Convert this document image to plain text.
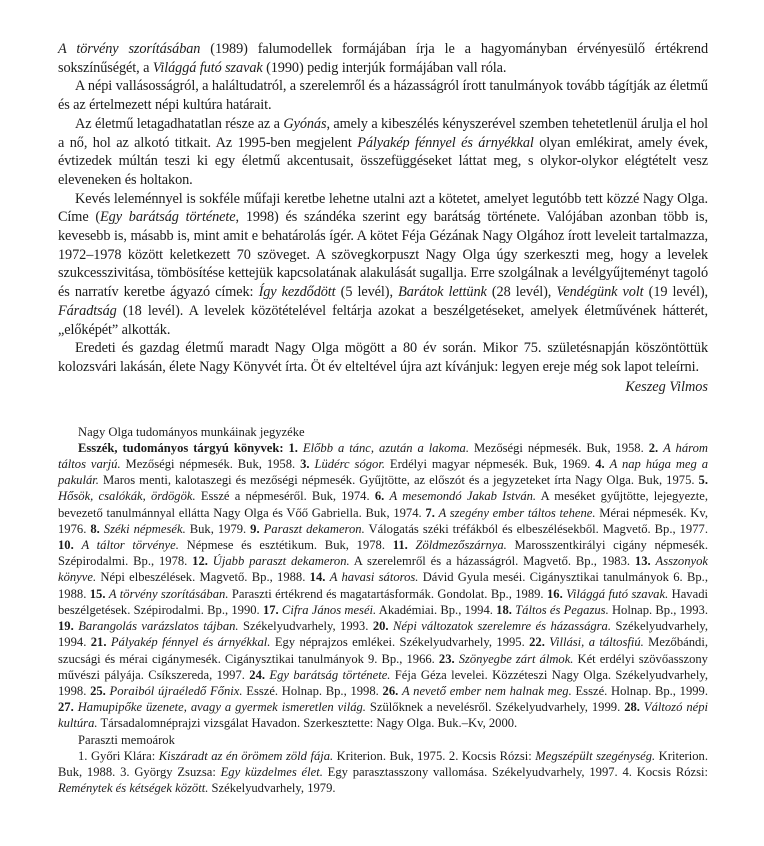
A törvény szorításában (1989) falumodellek formájában írja le a hagyományban érvényesülő értékrend sokszínűségét, a Világgá futó szavak (1990) pedig interjúk formájában vall róla.

A népi vallásosságról, a haláltudatról, a szerelemről és a házasságról írott tanulmányok tovább tágítják az életmű és az értelmezett népi kultúra határait.

Az életmű letagadhatatlan része az a Gyónás, amely a kibeszélés kényszerével szemben tehetetlenül árulja el hol a nő, hol az alkotó titkait. Az 1995-ben megjelent Pályakép fénnyel és árnyékkal olyan emlékirat, amely évek, évtizedek múltán teszi ki egy életmű akcentusait, összefüggéseket láttat meg, s olykor-olykor elégtételt vesz eleveneken és holtakon.

Kevés leleménnyel is sokféle műfaji keretbe lehetne utalni azt a kötetet, amelyet legutóbb tett közzé Nagy Olga. Címe (Egy barátság története, 1998) és szándéka szerint egy barátság története. Valójában azonban több is, kevesebb is, másabb is, mint amit e behatárolás ígér. A kötet Féja Gézának Nagy Olgához írott leveleit tartalmazza, 1972–1978 között keletkezett 70 szöveget. A szövegkorpuszt Nagy Olga úgy szerkeszti meg, hogy a levelek szukcesszivitása, tömbösítése kettejük kapcsolatának alakulását sugallja. Erre szolgálnak a levélgyűjteményt tagoló és narratív keretbe ágyazó címek: Így kezdődött (5 levél), Barátok lettünk (28 levél), Vendégünk volt (19 levél), Fáradtság (18 levél). A levelek közötételével feltárja azokat a beszélgetéseket, amelyek életművének hátterét, „előképét” alkották.

Eredeti és gazdag életmű maradt Nagy Olga mögött a 80 év során. Mikor 75. születésnapján köszöntöttük kolozsvári lakásán, élete Nagy Könyvét írta. Öt év elteltével újra azt kívánjuk: legyen ereje még sok lapot teleírni.

Keszeg Vilmos
Nagy Olga tudományos munkáinak jegyzéke
Esszék, tudományos tárgyú könyvek: 1. Előbb a tánc, azután a lakoma. Mezőségi népmesék. Buk, 1958. 2. A három táltos varjú. Mezőségi népmesék. Buk, 1958. 3. Lüdérc sógor. Erdélyi magyar népmesék. Buk, 1969. 4. A nap húga meg a pakulár. Maros menti, kalotaszegi és mezőségi népmesék. Gyűjtötte, az előszót és a jegyzeteket írta Nagy Olga. Buk, 1975. 5. Hősök, csalókák, ördögök. Esszé a népmeséről. Buk, 1974. 6. A mesemondó Jakab István. A meséket gyűjtötte, lejegyezte, bevezető tanulmánnyal ellátta Nagy Olga és Vőő Gabriella. Buk, 1974. 7. A szegény ember táltos tehene. Mérai népmesék. Kv, 1976. 8. Széki népmesék. Buk, 1979. 9. Paraszt dekameron. Válogatás széki tréfákból és elbeszélésekből. Magvető. Bp., 1977. 10. A táltor törvénye. Népmese és esztétikum. Buk, 1978. 11. Zöldmezőszárnya. Marosszentkirályi cigány népmesék. Szépirodalmi. Bp., 1978. 12. Újabb paraszt dekameron. A szerelemről és a házasságról. Magvető. Bp., 1983. 13. Asszonyok könyve. Népi elbeszélések. Magvető. Bp., 1988. 14. A havasi sátoros. Dávid Gyula meséi. Cigánysztikai tanulmányok 6. Bp., 1988. 15. A törvény szorításában. Paraszti értékrend és magatartásformák. Gondolat. Bp., 1989. 16. Világgá futó szavak. Havadi beszélgetések. Szépirodalmi. Bp., 1990. 17. Cifra János meséi. Akadémiai. Bp., 1994. 18. Táltos és Pegazus. Holnap. Bp., 1993. 19. Barangolás varázslatos tájban. Székelyudvarhely, 1993. 20. Népi változatok szerelemre és házasságra. Székelyudvarhely, 1994. 21. Pályakép fénnyel és árnyékkal. Egy néprajzos emlékei. Székelyudvarhely, 1995. 22. Villási, a táltosfiú. Mezőbándi, szucsági és mérai cigánymesék. Cigánysztikai tanulmányok 9. Bp., 1966. 23. Szönyegbe zárt álmok. Két erdélyi szövőasszony művészi pályája. Csíkszereda, 1997. 24. Egy barátság története. Féja Géza levelei. Közzéteszi Nagy Olga. Székelyudvarhely, 1998. 25. Poraiból újraéledő Főnix. Esszé. Holnap. Bp., 1998. 26. A nevető ember nem halnak meg. Esszé. Holnap. Bp., 1999. 27. Hamupipőke üzenete, avagy a gyermek ismeretlen világ. Szülőknek a nevelésről. Székelyudvarhely, 1999. 28. Változó népi kultúra. Társadalomnéprajzi vizsgálat Havadon. Szerkesztette: Nagy Olga. Buk.–Kv, 2000.
Paraszti memoárok
1. Győri Klára: Kiszáradt az én örömem zöld fája. Kriterion. Buk, 1975. 2. Kocsis Rózsi: Megszépült szegénység. Kriterion. Buk, 1988. 3. Györgу Zsuzsa: Egy küzdelmes élet. Egy parasztasszony vallomása. Székelyudvarhely, 1997. 4. Kocsis Rózsi: Reménytek és kétségek között. Székelyudvarhely, 1979.
